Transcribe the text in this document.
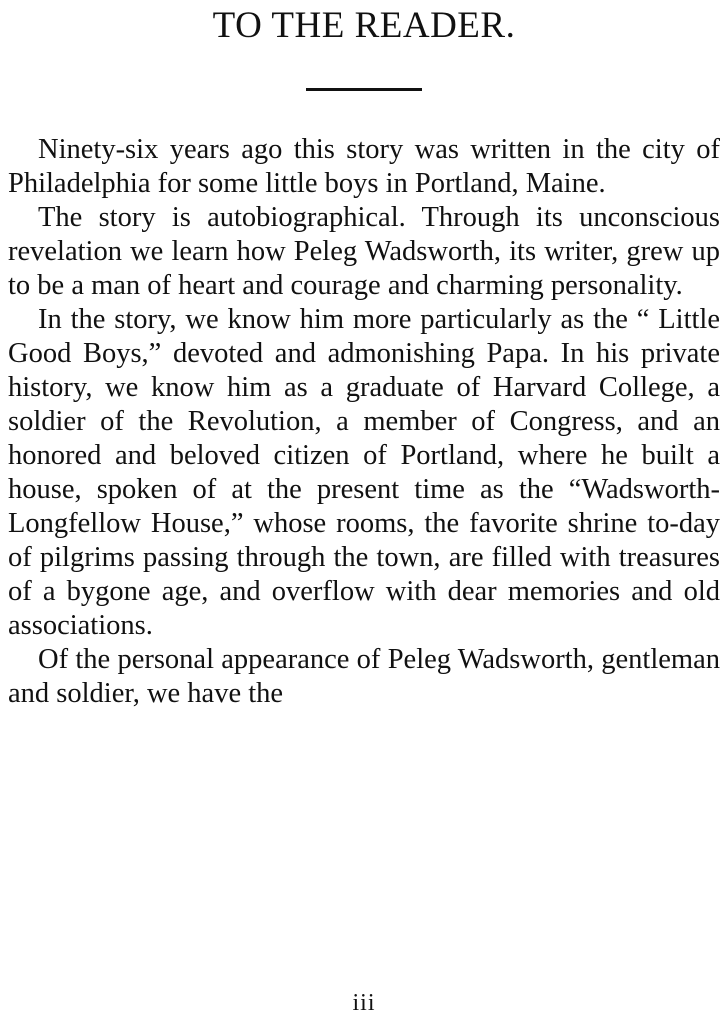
TO THE READER.

Ninety-six years ago this story was written in the city of Philadelphia for some little boys in Portland, Maine.

The story is autobiographical. Through its unconscious revelation we learn how Peleg Wadsworth, its writer, grew up to be a man of heart and courage and charming personality.

In the story, we know him more particularly as the “ Little Good Boys,” devoted and admonishing Papa. In his private history, we know him as a graduate of Harvard College, a soldier of the Revolution, a member of Congress, and an honored and beloved citizen of Portland, where he built a house, spoken of at the present time as the “Wadsworth-Longfellow House,” whose rooms, the favorite shrine to-day of pilgrims passing through the town, are filled with treasures of a bygone age, and overflow with dear memories and old associations.

Of the personal appearance of Peleg Wadsworth, gentleman and soldier, we have the

iii
